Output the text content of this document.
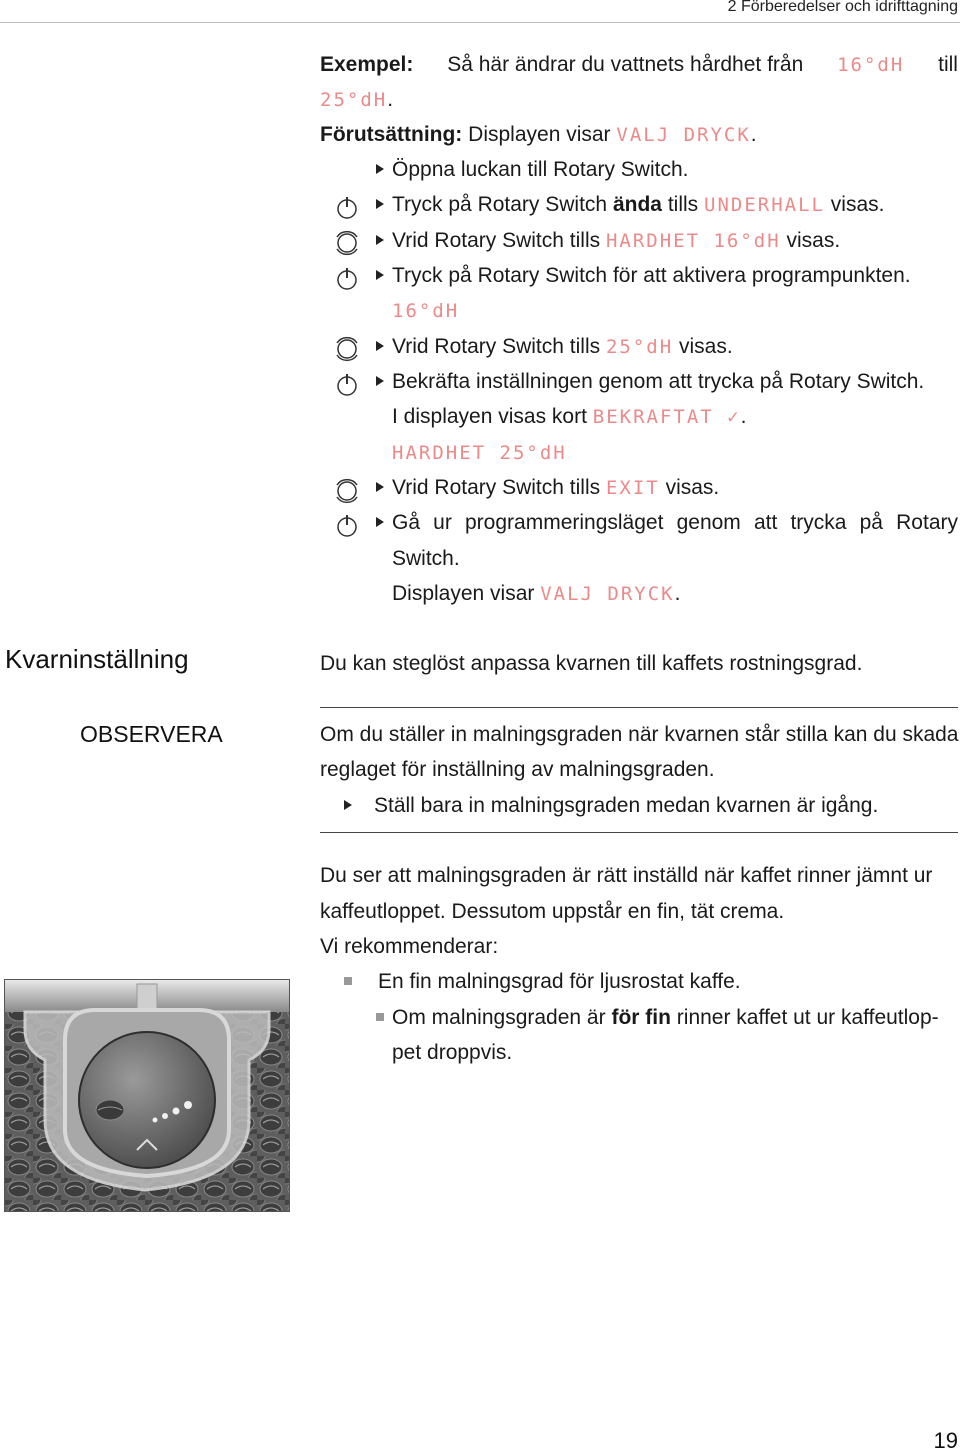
2 Förberedelser och idrifttagning
Exempel: Så här ändrar du vattnets hårdhet från 16°dH till
25°dH.
Förutsättning: Displayen visar VALJ DRYCK.
Öppna luckan till Rotary Switch.
Tryck på Rotary Switch ända tills UNDERHALL visas.
Vrid Rotary Switch tills HARDHET 16°dH visas.
Tryck på Rotary Switch för att aktivera programpunkten.
16°dH
Vrid Rotary Switch tills 25°dH visas.
Bekräfta inställningen genom att trycka på Rotary Switch.
I displayen visas kort BEKRAFTAT ✓.
HARDHET 25°dH
Vrid Rotary Switch tills EXIT visas.
Gå ur programmeringsläget genom att trycka på Rotary
Switch.
Displayen visar VALJ DRYCK.
Kvarninställning	Du kan steglöst anpassa kvarnen till kaffets rostningsgrad.
OBSERVERA	Om du ställer in malningsgraden när kvarnen står stilla kan du skada
reglaget för inställning av malningsgraden.
Ställ bara in malningsgraden medan kvarnen är igång.
Du ser att malningsgraden är rätt inställd när kaffet rinner jämnt ur
kaffeutloppet. Dessutom uppstår en fin, tät crema.
Vi rekommenderar:
En fin malningsgrad för ljusrostat kaffe.
Om malningsgraden är för fin rinner kaffet ut ur kaffeutlop-
pet droppvis.
19
